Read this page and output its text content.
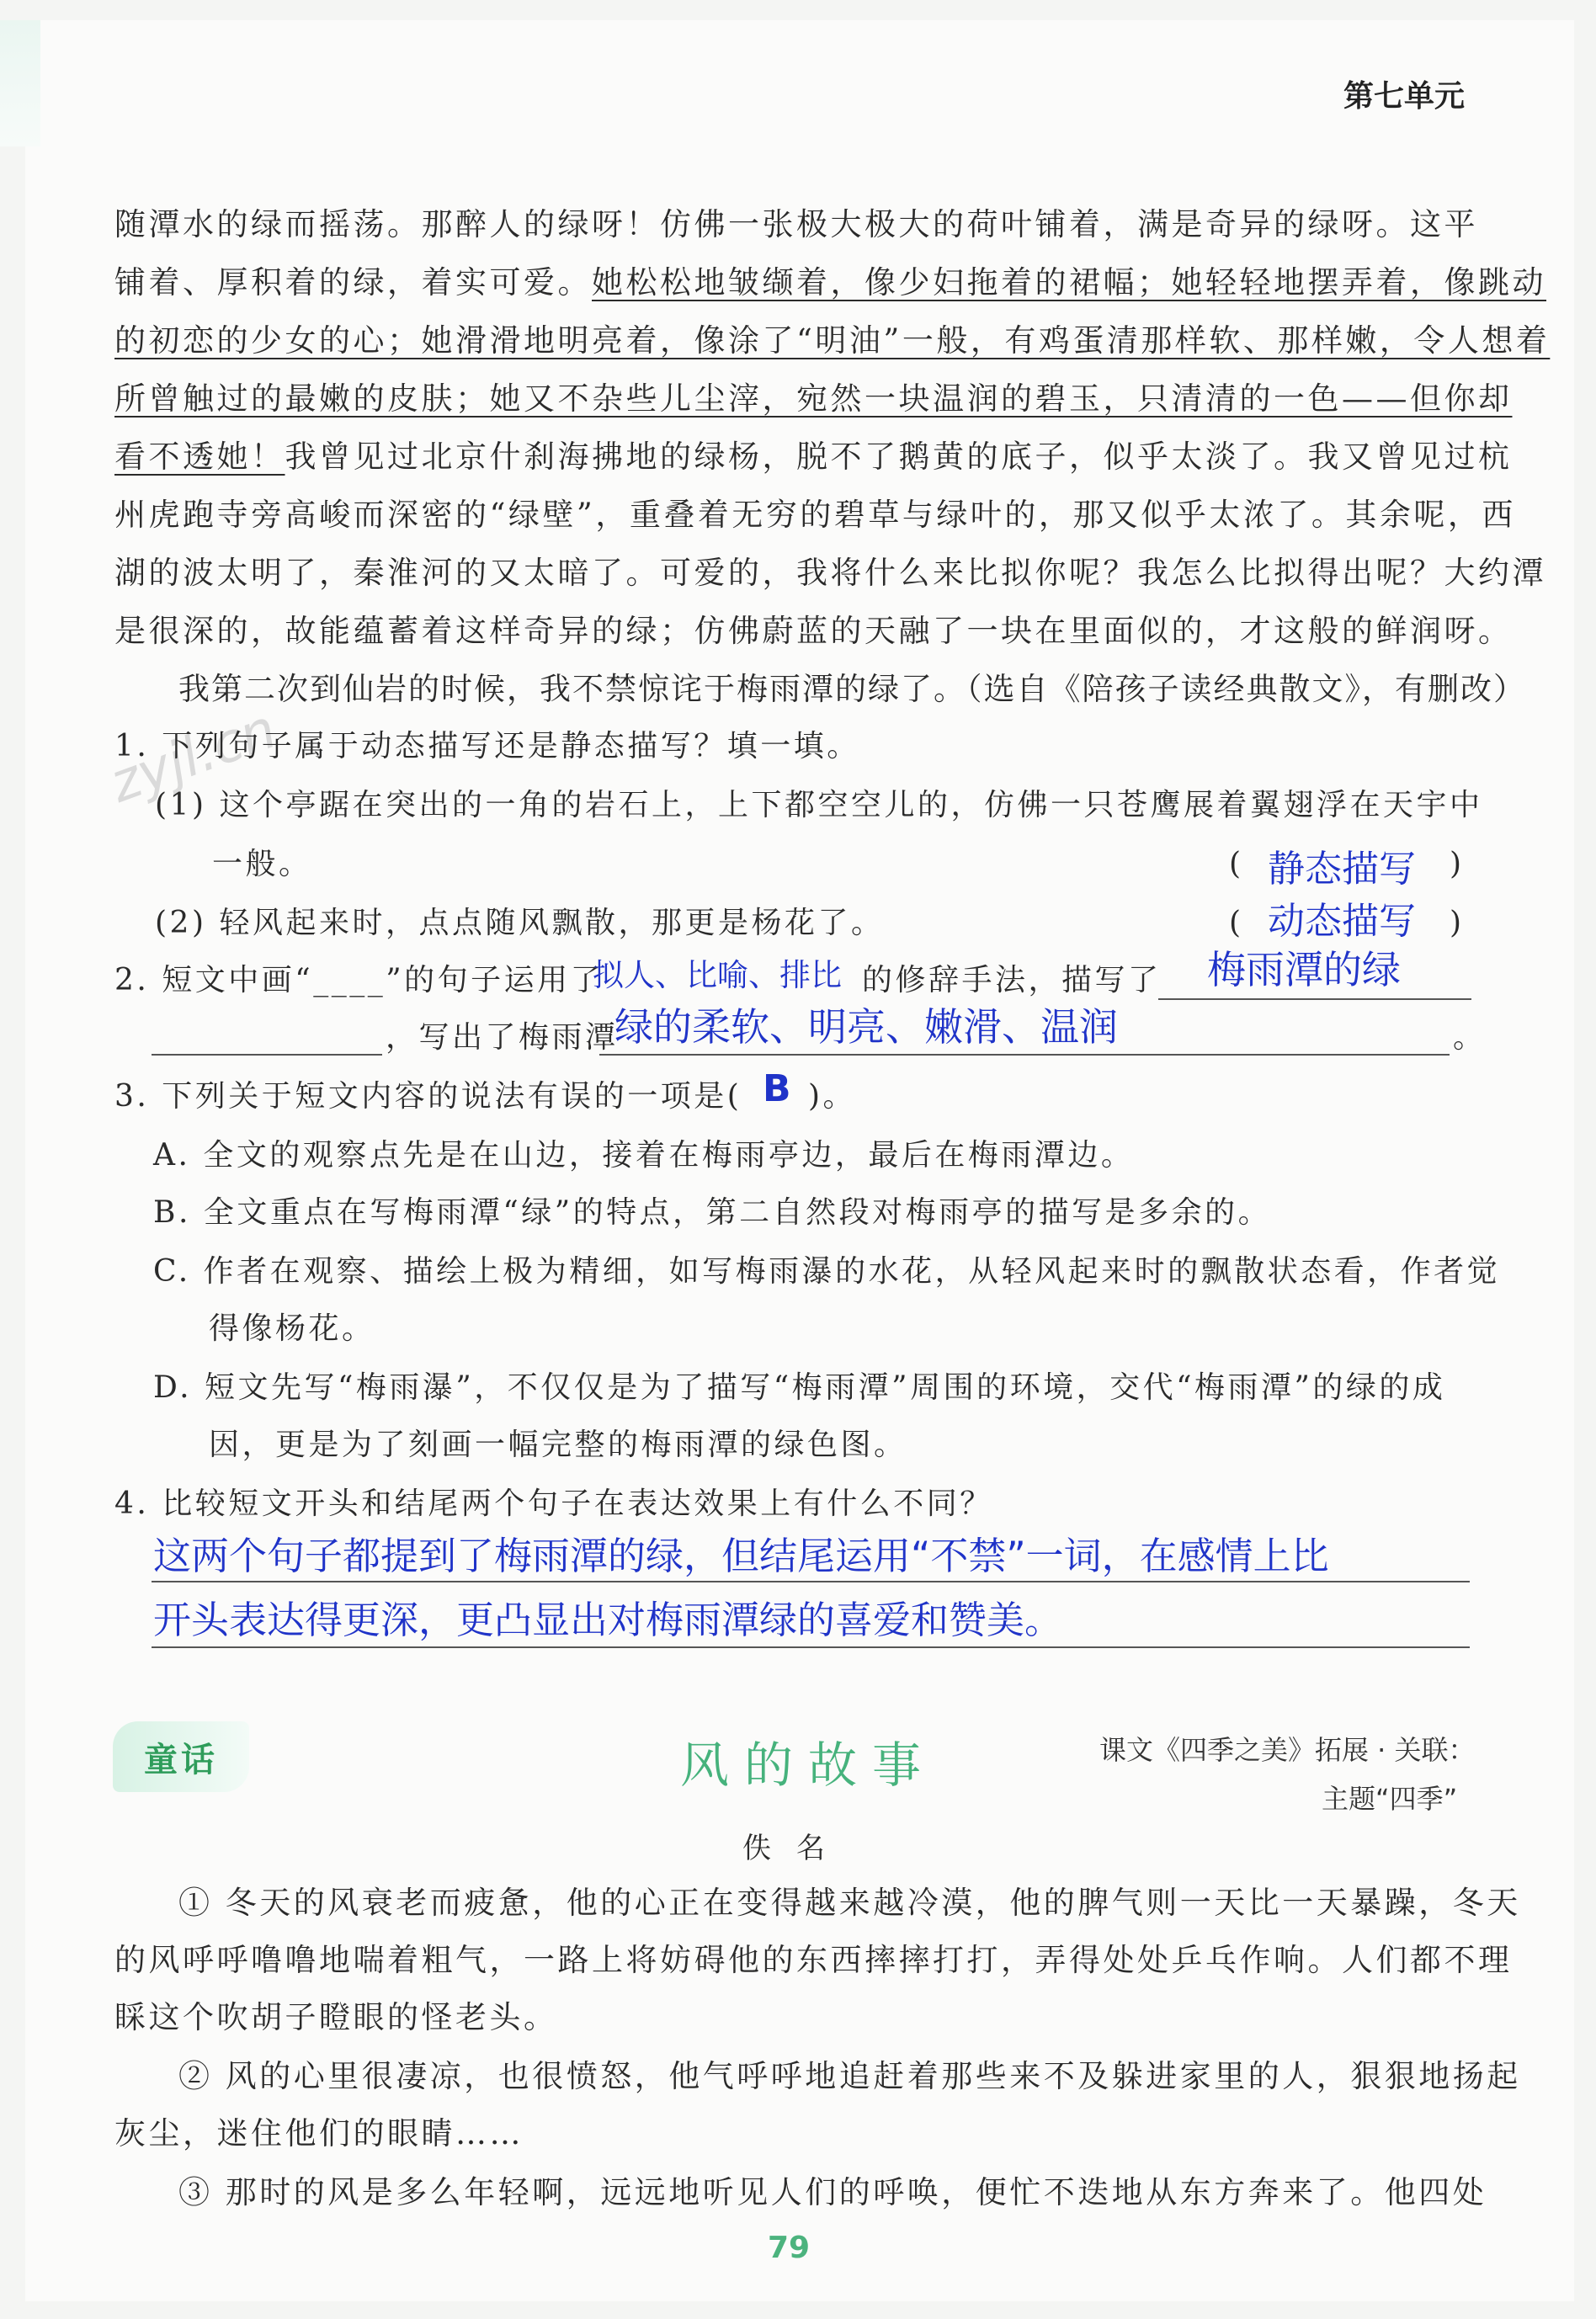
第七单元
zyjl.cn
随潭水的绿而摇荡。那醉人的绿呀！仿佛一张极大极大的荷叶铺着，满是奇异的绿呀。这平
铺着、厚积着的绿，着实可爱。她松松地皱缬着，像少妇拖着的裙幅；她轻轻地摆弄着，像跳动
的初恋的少女的心；她滑滑地明亮着，像涂了“明油”一般，有鸡蛋清那样软、那样嫩，令人想着
所曾触过的最嫩的皮肤；她又不杂些儿尘滓，宛然一块温润的碧玉，只清清的一色——但你却
看不透她！我曾见过北京什刹海拂地的绿杨，脱不了鹅黄的底子，似乎太淡了。我又曾见过杭
州虎跑寺旁高峻而深密的“绿壁”，重叠着无穷的碧草与绿叶的，那又似乎太浓了。其余呢，西
湖的波太明了，秦淮河的又太暗了。可爱的，我将什么来比拟你呢？我怎么比拟得出呢？大约潭
是很深的，故能蕴蓄着这样奇异的绿；仿佛蔚蓝的天融了一块在里面似的，才这般的鲜润呀。
我第二次到仙岩的时候，我不禁惊诧于梅雨潭的绿了。（选自《陪孩子读经典散文》，有删改）
1. 下列句子属于动态描写还是静态描写？填一填。
(1) 这个亭踞在突出的一角的岩石上，上下都空空儿的，仿佛一只苍鹰展着翼翅浮在天宇中
一般。	( 静态描写 )
(2) 轻风起来时，点点随风飘散，那更是杨花了。	( 动态描写 )
2. 短文中画“____”的句子运用了
拟人、比喻、排比 的修辞手法，描写了 梅雨潭的绿
，写出了梅雨潭
绿的柔软、明亮、嫩滑、温润	。
3. 下列关于短文内容的说法有误的一项是( B )。
A. 全文的观察点先是在山边，接着在梅雨亭边，最后在梅雨潭边。
B. 全文重点在写梅雨潭“绿”的特点，第二自然段对梅雨亭的描写是多余的。
C. 作者在观察、描绘上极为精细，如写梅雨瀑的水花，从轻风起来时的飘散状态看，作者觉
得像杨花。
D. 短文先写“梅雨瀑”，不仅仅是为了描写“梅雨潭”周围的环境，交代“梅雨潭”的绿的成
因，更是为了刻画一幅完整的梅雨潭的绿色图。
4. 比较短文开头和结尾两个句子在表达效果上有什么不同？
这两个句子都提到了梅雨潭的绿，但结尾运用“不禁”一词，在感情上比
开头表达得更深，更凸显出对梅雨潭绿的喜爱和赞美。
童话	风的故事	课文《四季之美》拓展 · 关联：
主题“四季”
佚名
① 冬天的风衰老而疲惫，他的心正在变得越来越冷漠，他的脾气则一天比一天暴躁，冬天
的风呼呼噜噜地喘着粗气，一路上将妨碍他的东西摔摔打打，弄得处处乒乓作响。人们都不理
睬这个吹胡子瞪眼的怪老头。
② 风的心里很凄凉，也很愤怒，他气呼呼地追赶着那些来不及躲进家里的人，狠狠地扬起
灰尘，迷住他们的眼睛……
③ 那时的风是多么年轻啊，远远地听见人们的呼唤，便忙不迭地从东方奔来了。他四处
79
